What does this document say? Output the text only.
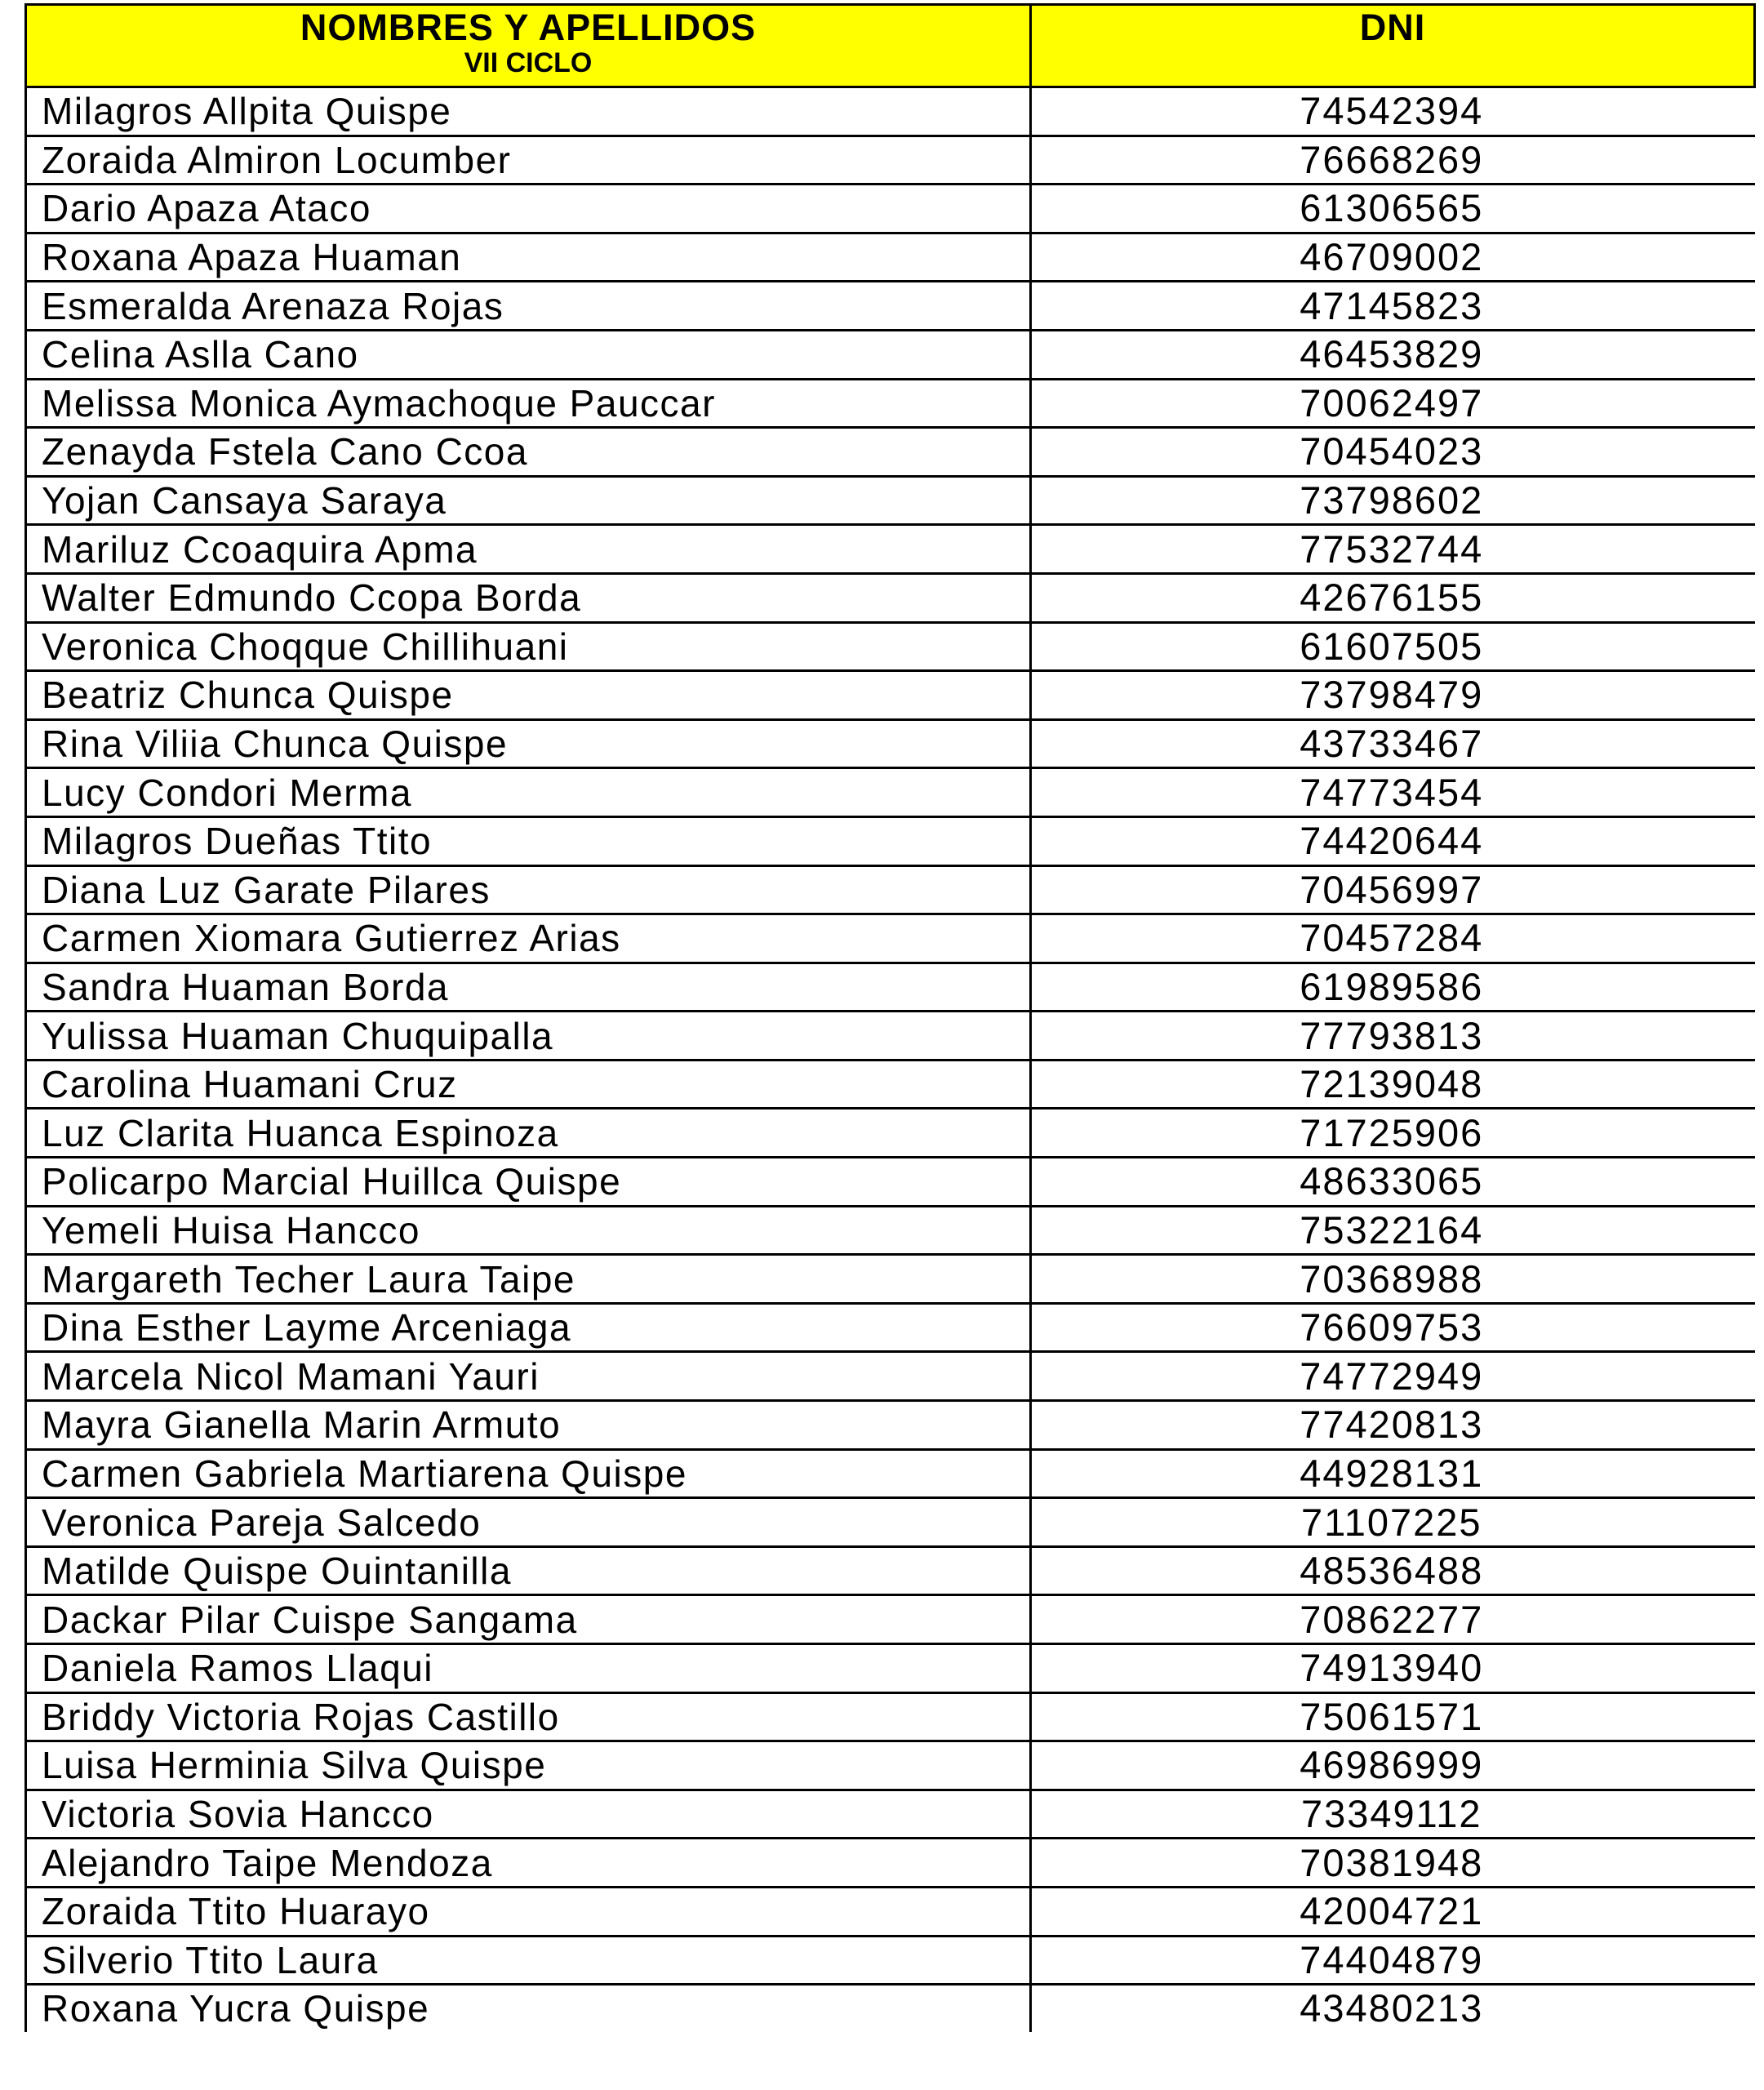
NOMBRES Y APELLIDOS
VII CICLO	DNI

Milagros Allpita Quispe	74542394
Zoraida Almiron Locumber	76668269
Dario Apaza Ataco	61306565
Roxana Apaza Huaman	46709002
Esmeralda Arenaza Rojas	47145823
Celina Aslla Cano	46453829
Melissa Monica Aymachoque Pauccar	70062497
Zenayda Fstela Cano Ccoa	70454023
Yojan Cansaya Saraya	73798602
Mariluz Ccoaquira Apma	77532744
Walter Edmundo Ccopa Borda	42676155
Veronica Choqque Chillihuani	61607505
Beatriz Chunca Quispe	73798479
Rina Viliia Chunca Quispe	43733467
Lucy Condori Merma	74773454
Milagros Dueñas Ttito	74420644
Diana Luz Garate Pilares	70456997
Carmen Xiomara Gutierrez Arias	70457284
Sandra Huaman Borda	61989586
Yulissa Huaman Chuquipalla	77793813
Carolina Huamani Cruz	72139048
Luz Clarita Huanca Espinoza	71725906
Policarpo Marcial Huillca Quispe	48633065
Yemeli Huisa Hancco	75322164
Margareth Techer Laura Taipe	70368988
Dina Esther Layme Arceniaga	76609753
Marcela Nicol Mamani Yauri	74772949
Mayra Gianella Marin Armuto	77420813
Carmen Gabriela Martiarena Quispe	44928131
Veronica Pareja Salcedo	71107225
Matilde Quispe Ouintanilla	48536488
Dackar Pilar Cuispe Sangama	70862277
Daniela Ramos Llaqui	74913940
Briddy Victoria Rojas Castillo	75061571
Luisa Herminia Silva Quispe	46986999
Victoria Sovia Hancco	73349112
Alejandro Taipe Mendoza	70381948
Zoraida Ttito Huarayo	42004721
Silverio Ttito Laura	74404879
Roxana Yucra Quispe	43480213
